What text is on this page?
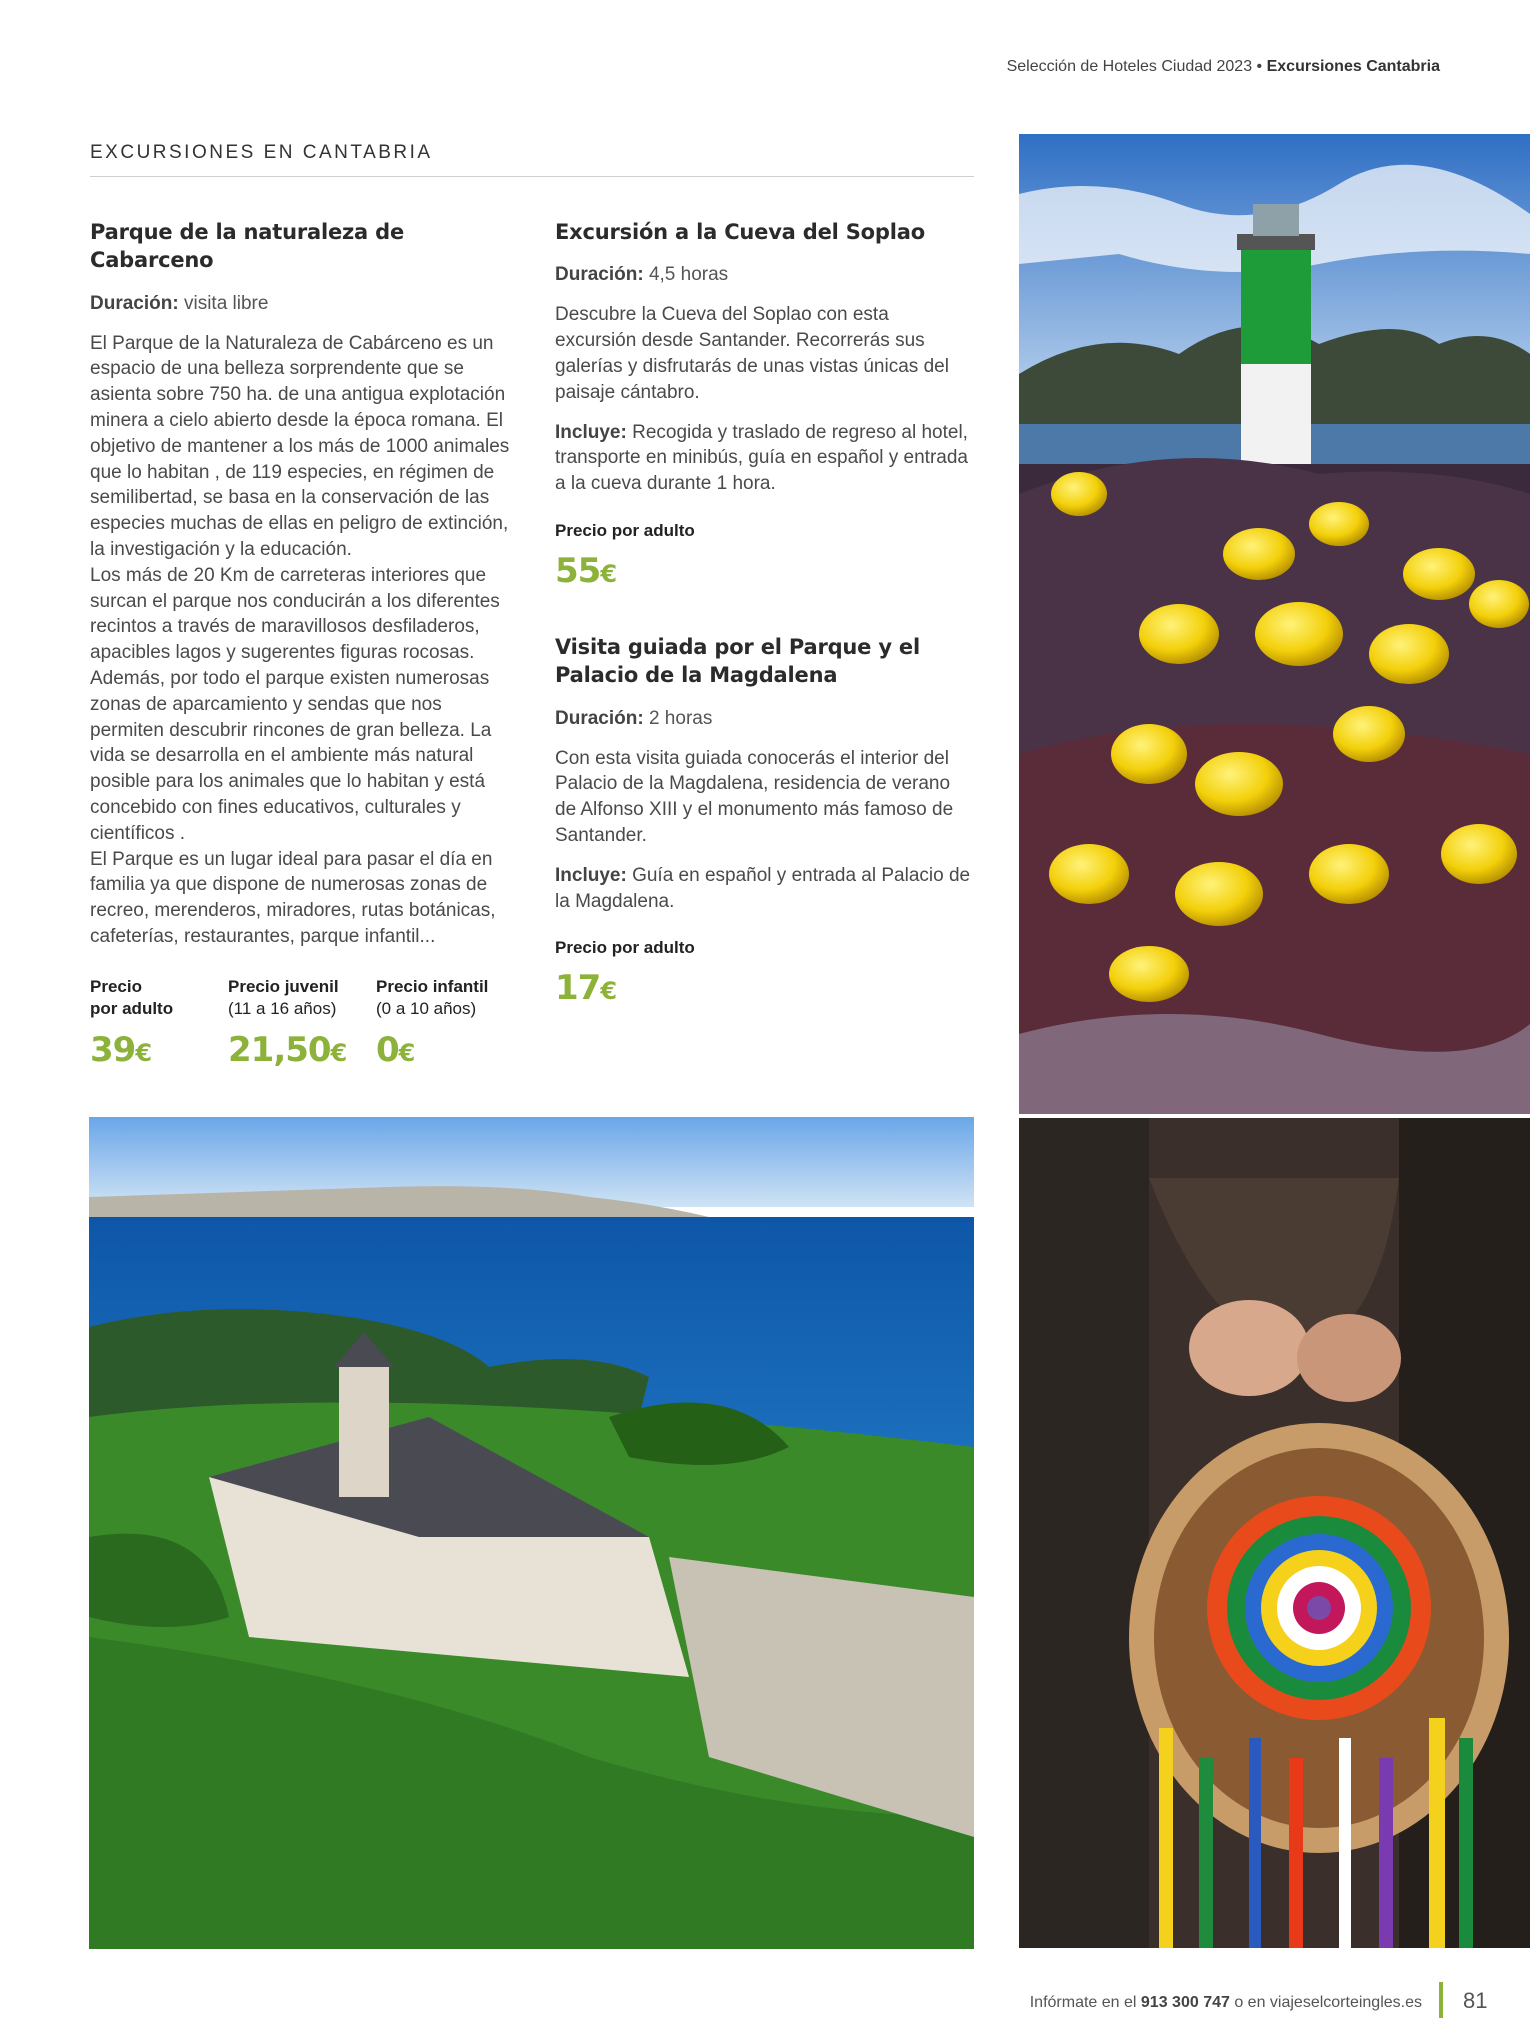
Selección de Hoteles Ciudad 2023 • Excursiones Cantabria
EXCURSIONES EN CANTABRIA
Parque de la naturaleza de Cabarceno
Duración: visita libre

El Parque de la Naturaleza de Cabárceno es un espacio de una belleza sorprendente que se asienta sobre 750 ha. de una antigua explotación minera a cielo abierto desde la época romana. El objetivo de mantener a los más de 1000 animales que lo habitan , de 119 especies, en régimen de semilibertad, se basa en la conservación de las especies muchas de ellas en peligro de extinción, la investigación y la educación.

Los más de 20 Km de carreteras interiores que surcan el parque nos conducirán a los diferentes recintos a través de maravillosos desfiladeros, apacibles lagos y sugerentes figuras rocosas. Además, por todo el parque existen numerosas zonas de aparcamiento y sendas que nos permiten descubrir rincones de gran belleza. La vida se desarrolla en el ambiente más natural posible para los animales que lo habitan y está concebido con fines educativos, culturales y científicos .

El Parque es un lugar ideal para pasar el día en familia ya que dispone de numerosas zonas de recreo, merenderos, miradores, rutas botánicas, cafeterías, restaurantes, parque infantil...

Precio
por adulto
39€
Precio juvenil
(11 a 16 años)
21,50€
Precio infantil
(0 a 10 años)
0€
Excursión a la Cueva del Soplao
Duración: 4,5 horas

Descubre la Cueva del Soplao con esta excursión desde Santander. Recorrerás sus galerías y disfrutarás de unas vistas únicas del paisaje cántabro.

Incluye: Recogida y traslado de regreso al hotel, transporte en minibús, guía en español y entrada a la cueva durante 1 hora.

Precio por adulto
55€
Visita guiada por el Parque y el Palacio de la Magdalena
Duración: 2 horas

Con esta visita guiada conocerás el interior del Palacio de la Magdalena, residencia de verano de Alfonso XIII y el monumento más famoso de Santander.

Incluye: Guía en español y entrada al Palacio de la Magdalena.

Precio por adulto
17€
Infórmate en el 913 300 747 o en viajeselcorteingles.es 81
